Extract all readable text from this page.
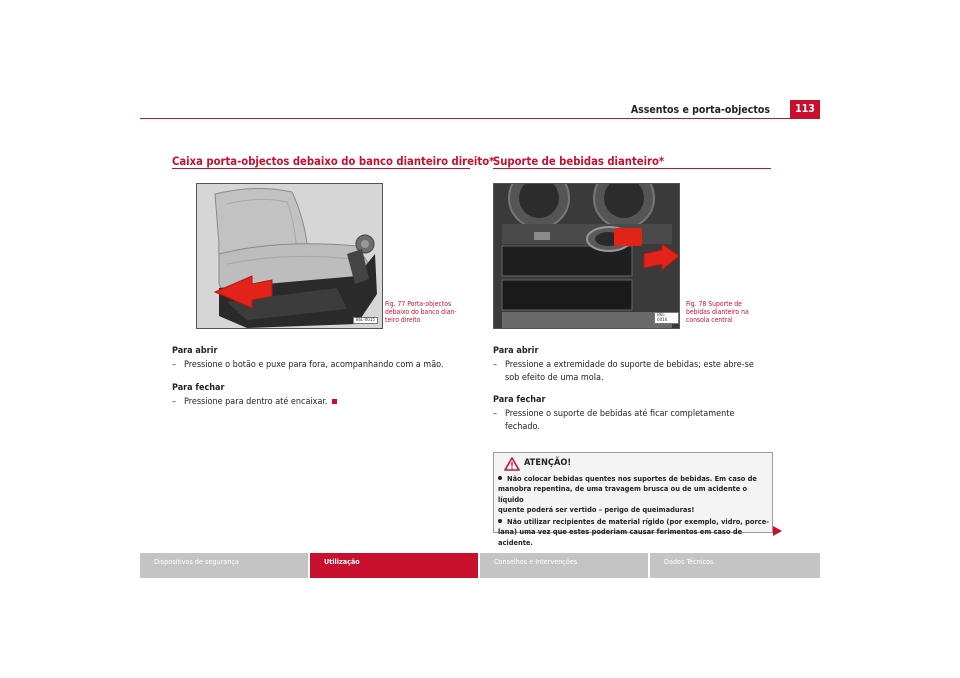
Assentos e porta-objectos	113
Caixa porta-objectos debaixo do banco dianteiro direito*
B6L-0015
Fig. 77 Porta-objectos
debaixo do banco dian-
teiro direito
Para abrir
– Pressione o botão e puxe para fora, acompanhando com a mão.
Para fechar
– Pressione para dentro até encaixar.
Suporte de bebidas dianteiro*
B6L-0016
Fig. 78 Suporte de
bebidas dianteiro na
consola central
Para abrir
– Pressione a extremidade do suporte de bebidas; este abre-se
sob efeito de uma mola.
Para fechar
– Pressione o suporte de bebidas até ficar completamente
fechado.
ATENÇÃO!
Não colocar bebidas quentes nos suportes de bebidas. Em caso de
manobra repentina, de uma travagem brusca ou de um acidente o líquido
quente poderá ser vertido – perigo de queimaduras!
Não utilizar recipientes de material rígido (por exemplo, vidro, porce-
lana) uma vez que estes poderiam causar ferimentos em caso de acidente.
Dispositivos de segurança	Utilização	Conselhos e Intervenções	Dados Técnicos
